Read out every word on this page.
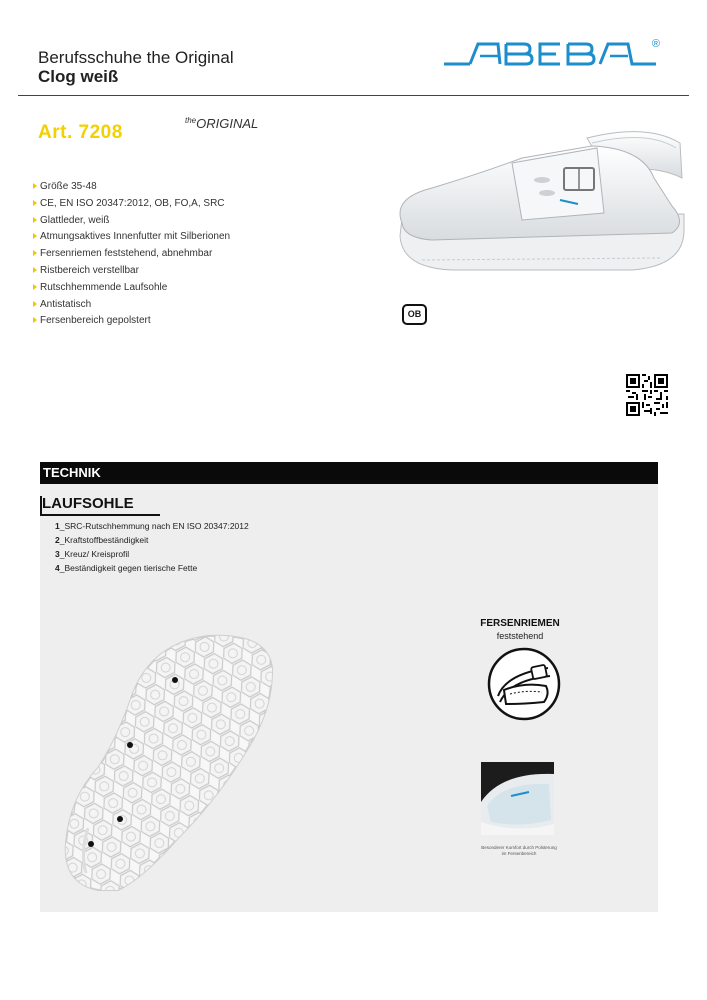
Berufsschuhe the Original
Clog weiß
®
Art. 7208
$^{the}$ORIGINAL
Größe 35-48
CE, EN ISO 20347:2012, OB, FO,A, SRC
Glattleder, weiß
Atmungsaktives Innenfutter mit Silberionen
Fersenriemen feststehend, abnehmbar
Ristbereich verstellbar
Rutschhemmende Laufsohle
Antistatisch
Fersenbereich gepolstert
OB
TECHNIK
LAUFSOHLE
1_SRC-Rutschhemmung nach EN ISO 20347:2012
2_Kraftstoffbeständigkeit
3_Kreuz/ Kreisprofil
4_Beständigkeit gegen tierische Fette
FERSENRIEMEN
feststehend
Besonderer Komfort durch Polsterung im Fersenbereich
